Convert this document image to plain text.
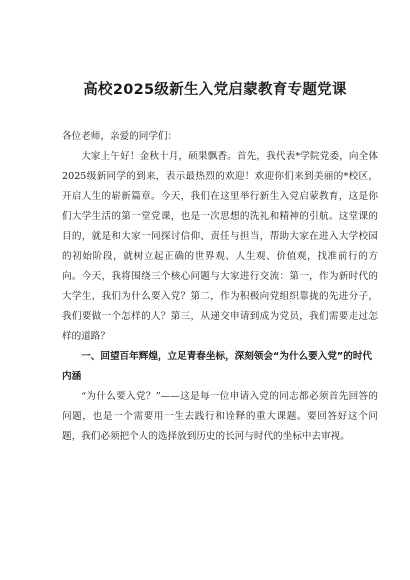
高校2025级新生入党启蒙教育专题党课

各位老师，亲爱的同学们：

大家上午好！金秋十月，硕果飘香。首先，我代表*学院党委，向全体2025级新同学的到来，表示最热烈的欢迎！欢迎你们来到美丽的*校区，开启人生的崭新篇章。今天，我们在这里举行新生入党启蒙教育，这是你们大学生活的第一堂党课，也是一次思想的洗礼和精神的引航。这堂课的目的，就是和大家一同探讨信仰、责任与担当，帮助大家在进入大学校园的初始阶段，就树立起正确的世界观、人生观、价值观，找准前行的方向。今天，我将围绕三个核心问题与大家进行交流：第一，作为新时代的大学生，我们为什么要入党？第二，作为积极向党组织靠拢的先进分子，我们要做一个怎样的人？第三，从递交申请到成为党员，我们需要走过怎样的道路？

一、回望百年辉煌，立足青春坐标，深刻领会“为什么要入党”的时代内涵

“为什么要入党？”——这是每一位申请入党的同志都必须首先回答的问题，也是一个需要用一生去践行和诠释的重大课题。要回答好这个问题，我们必须把个人的选择放到历史的长河与时代的坐标中去审视。
